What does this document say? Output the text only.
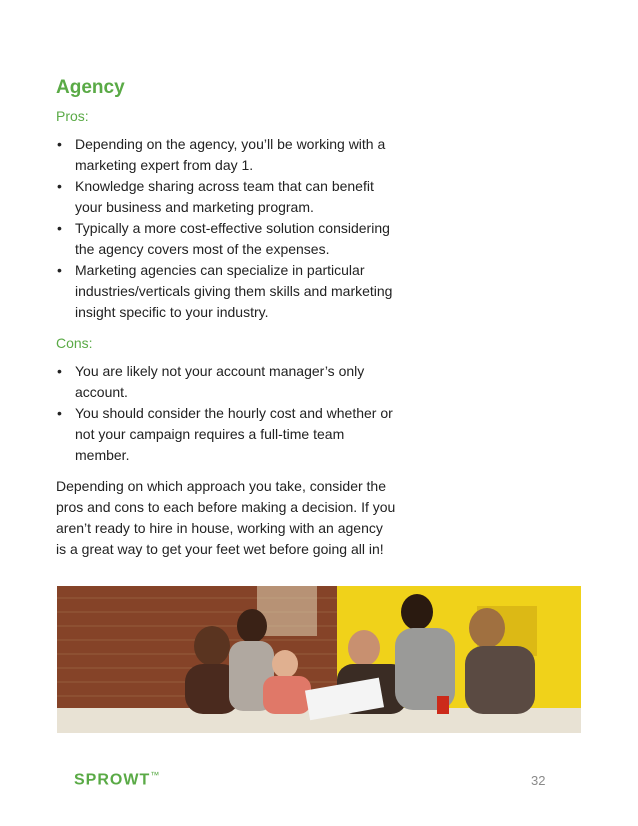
Agency
Pros:
• Depending on the agency, you’ll be working with a marketing expert from day 1.
• Knowledge sharing across team that can benefit your business and marketing program.
• Typically a more cost-effective solution considering the agency covers most of the expenses.
• Marketing agencies can specialize in particular industries/verticals giving them skills and marketing insight specific to your industry.
Cons:
• You are likely not your account manager’s only account.
• You should consider the hourly cost and whether or not your campaign requires a full-time team member.

Depending on which approach you take, consider the pros and cons to each before making a decision. If you aren’t ready to hire in house, working with an agency is a great way to get your feet wet before going all in!

SPROWT™	32
